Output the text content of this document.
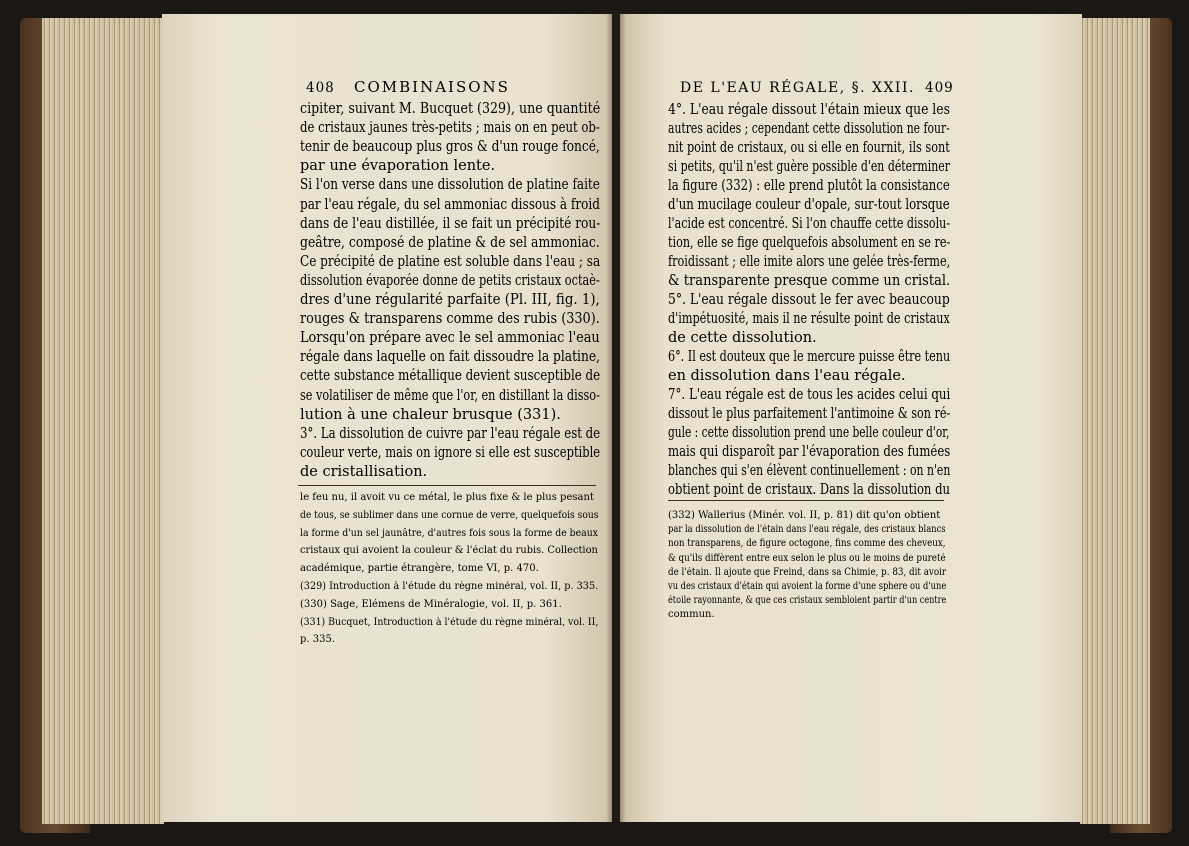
408 COMBINAISONS	DE L'EAU RÉGALE, §. XXII. 409
cipiter, suivant M. Bucquet (329), une quantité
de cristaux jaunes très-petits ; mais on en peut ob-
tenir de beaucoup plus gros & d'un rouge foncé,
par une évaporation lente.
Si l'on verse dans une dissolution de platine faite
par l'eau régale, du sel ammoniac dissous à froid
dans de l'eau distillée, il se fait un précipité rou-
geâtre, composé de platine & de sel ammoniac.
Ce précipité de platine est soluble dans l'eau ; sa
dissolution évaporée donne de petits cristaux octaè-
dres d'une régularité parfaite (Pl. III, fig. 1),
rouges & transparens comme des rubis (330).
Lorsqu'on prépare avec le sel ammoniac l'eau
régale dans laquelle on fait dissoudre la platine,
cette substance métallique devient susceptible de
se volatiliser de même que l'or, en distillant la disso-
lution à une chaleur brusque (331).
3°. La dissolution de cuivre par l'eau régale est de
couleur verte, mais on ignore si elle est susceptible
de cristallisation.
le feu nu, il avoit vu ce métal, le plus fixe & le plus pesant
de tous, se sublimer dans une cornue de verre, quelquefois sous
la forme d'un sel jaunâtre, d'autres fois sous la forme de beaux
cristaux qui avoient la couleur & l'éclat du rubis. Collection
académique, partie étrangère, tome VI, p. 470.
(329) Introduction à l'étude du règne minéral, vol. II, p. 335.
(330) Sage, Elémens de Minéralogie, vol. II, p. 361.
(331) Bucquet, Introduction à l'étude du règne minéral, vol. II,
p. 335.
4°. L'eau régale dissout l'étain mieux que les
autres acides ; cependant cette dissolution ne four-
nit point de cristaux, ou si elle en fournit, ils sont
si petits, qu'il n'est guère possible d'en déterminer
la figure (332) : elle prend plutôt la consistance
d'un mucilage couleur d'opale, sur-tout lorsque
l'acide est concentré. Si l'on chauffe cette dissolu-
tion, elle se fige quelquefois absolument en se re-
froidissant ; elle imite alors une gelée très-ferme,
& transparente presque comme un cristal.
5°. L'eau régale dissout le fer avec beaucoup
d'impétuosité, mais il ne résulte point de cristaux
de cette dissolution.
6°. Il est douteux que le mercure puisse être tenu
en dissolution dans l'eau régale.
7°. L'eau régale est de tous les acides celui qui
dissout le plus parfaitement l'antimoine & son ré-
gule : cette dissolution prend une belle couleur d'or,
mais qui disparoît par l'évaporation des fumées
blanches qui s'en élèvent continuellement : on n'en
obtient point de cristaux. Dans la dissolution du
(332) Wallerius (Minér. vol. II, p. 81) dit qu'on obtient
par la dissolution de l'étain dans l'eau régale, des cristaux blancs
non transparens, de figure octogone, fins comme des cheveux,
& qu'ils diffèrent entre eux selon le plus ou le moins de pureté
de l'étain. Il ajoute que Freind, dans sa Chimie, p. 83, dit avoir
vu des cristaux d'étain qui avoient la forme d'une sphere ou d'une
étoile rayonnante, & que ces cristaux sembloient partir d'un centre
commun.
